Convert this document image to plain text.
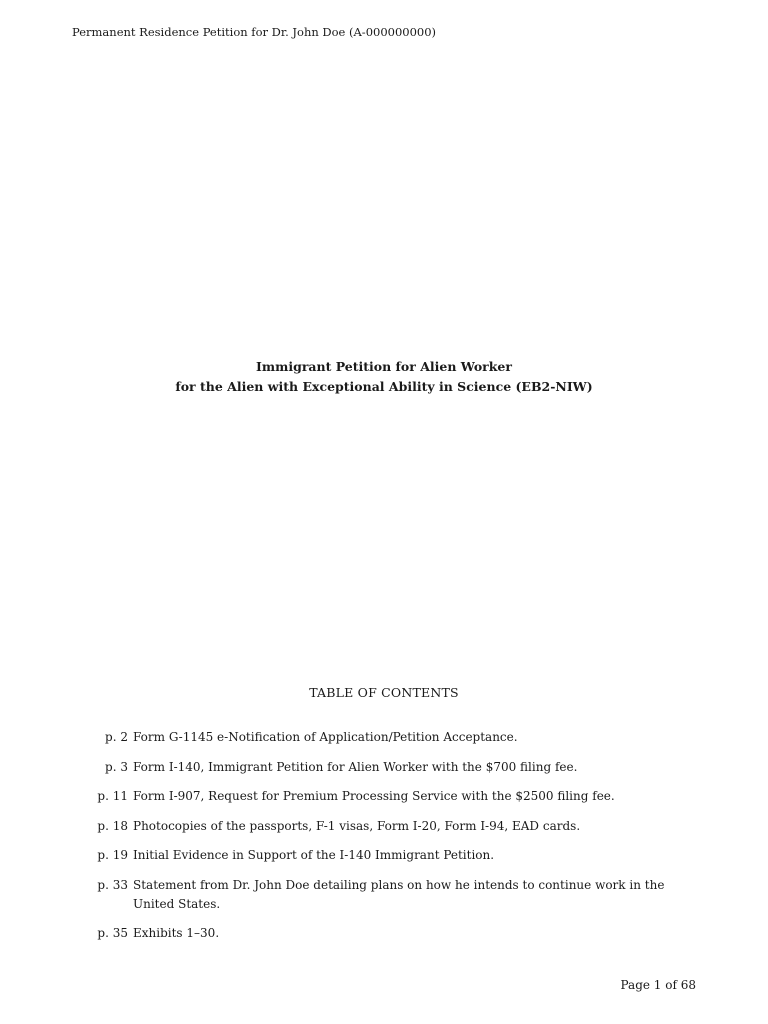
Permanent Residence Petition for Dr. John Doe (A-000000000)
Immigrant Petition for Alien Worker
for the Alien with Exceptional Ability in Science (EB2-NIW)
TABLE OF CONTENTS
p. 2 Form G-1145 e-Notification of Application/Petition Acceptance.
p. 3 Form I-140, Immigrant Petition for Alien Worker with the $700 filing fee.
p. 11 Form I-907, Request for Premium Processing Service with the $2500 filing fee.
p. 18 Photocopies of the passports, F-1 visas, Form I-20, Form I-94, EAD cards.
p. 19 Initial Evidence in Support of the I-140 Immigrant Petition.
p. 33 Statement from Dr. John Doe detailing plans on how he intends to continue work in the United States.
p. 35 Exhibits 1–30.
Page 1 of 68
